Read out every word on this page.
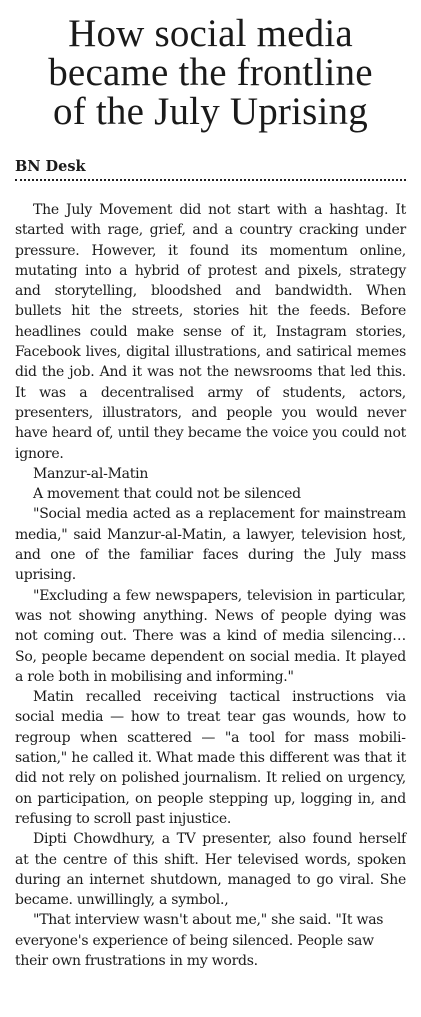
How social media
became the frontline
of the July Uprising
BN Desk

The July Movement did not start with a hashtag. It started with rage, grief, and a country cracking under pressure. However, it found its momentum online, mutating into a hybrid of protest and pixels, strategy and storytelling, bloodshed and bandwidth. When bullets hit the streets, stories hit the feeds. Before headlines could make sense of it, Instagram stories, Facebook lives, digital illustrations, and satirical memes did the job. And it was not the newsrooms that led this. It was a decentralised army of students, actors, presenters, illustrators, and people you would never have heard of, until they became the voice you could not ignore.

Manzur-al-Matin

A movement that could not be silenced

"Social media acted as a replacement for mainstream media," said Manzur-al-Matin, a lawyer, television host, and one of the familiar faces during the July mass uprising.

"Excluding a few newspapers, television in particular, was not showing anything. News of people dying was not coming out. There was a kind of media silencing… So, people became dependent on social media. It played a role both in mobilising and informing."

Matin recalled receiving tactical instructions via social media — how to treat tear gas wounds, how to regroup when scattered — "a tool for mass mobilisation," he called it. What made this different was that it did not rely on polished journalism. It relied on urgency, on participation, on people stepping up, logging in, and refusing to scroll past injustice.

Dipti Chowdhury, a TV presenter, also found herself at the centre of this shift. Her televised words, spoken during an internet shutdown, managed to go viral. She became. unwillingly, a symbol.,

"That interview wasn't about me," she said. "It was everyone's experience of being silenced. People saw their own frustrations in my words.
